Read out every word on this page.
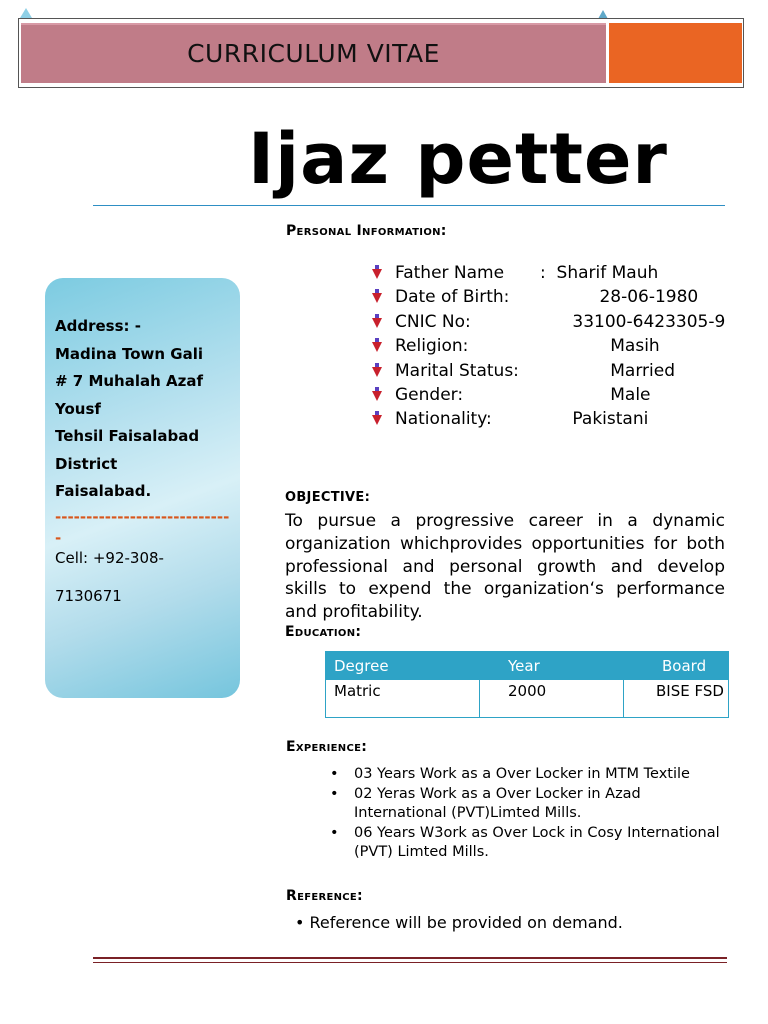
CURRICULUM VITAE
Ijaz petter
Address: -
Madina Town Gali
# 7 Muhalah Azaf
Yousf
Tehsil Faisalabad
District
Faisalabad.
-----------------------------
Cell: +92-308-
7130671
Personal Information:
Father Name :  Sharif Mauh
Date of Birth:           28-06-1980
CNIC No:	33100-6423305-9
Religion:	Masih
Marital Status:             Married
Gender:	Male
Nationality:	Pakistani
OBJECTIVE:
To pursue a progressive career in a dynamic organization whichprovides opportunities for both professional and personal growth and develop skills to expend the organization‘s performance and profitability.
Education:
Degree	Year	Board
Matric	2000	BISE FSD
Experience:
• 03 Years Work as a Over Locker in MTM Textile
• 02 Yeras Work as a Over Locker in Azad International (PVT)Limted Mills.
• 06 Years W3ork as Over Lock in Cosy International (PVT) Limted Mills.
Reference:
• Reference will be provided on demand.
